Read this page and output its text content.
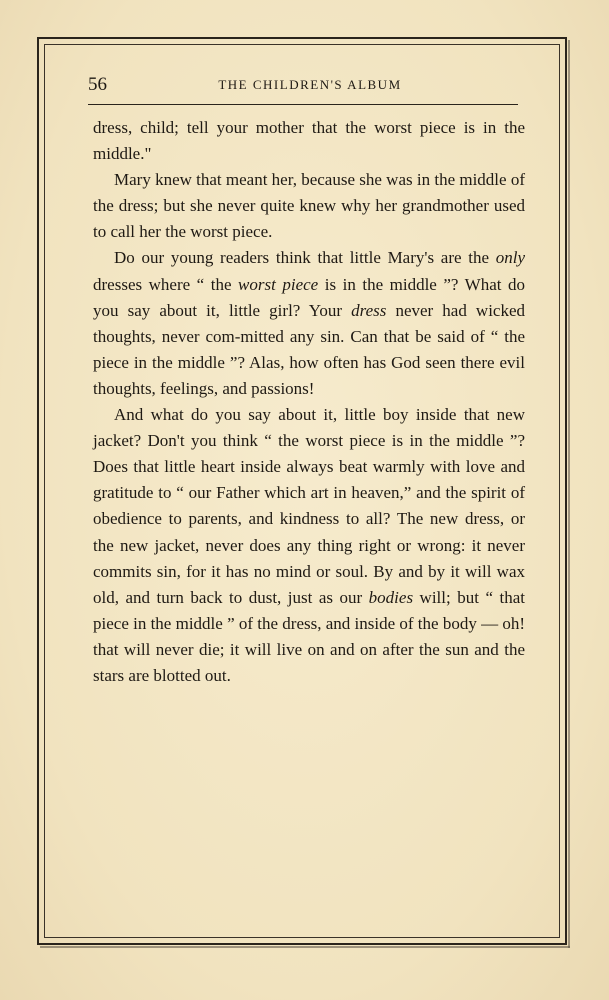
56	THE CHILDREN'S ALBUM

dress, child; tell your mother that the worst piece is in the middle."

Mary knew that meant her, because she was in the middle of the dress; but she never quite knew why her grandmother used to call her the worst piece.

Do our young readers think that little Mary's are the only dresses where “ the worst piece is in the middle ”? What do you say about it, little girl? Your dress never had wicked thoughts, never com-mitted any sin. Can that be said of “ the piece in the middle ”? Alas, how often has God seen there evil thoughts, feelings, and passions!

And what do you say about it, little boy inside that new jacket? Don't you think “ the worst piece is in the middle ”? Does that little heart inside always beat warmly with love and gratitude to “ our Father which art in heaven,” and the spirit of obedience to parents, and kindness to all? The new dress, or the new jacket, never does any thing right or wrong: it never commits sin, for it has no mind or soul. By and by it will wax old, and turn back to dust, just as our bodies will; but “ that piece in the middle ” of the dress, and inside of the body — oh! that will never die; it will live on and on after the sun and the stars are blotted out.
